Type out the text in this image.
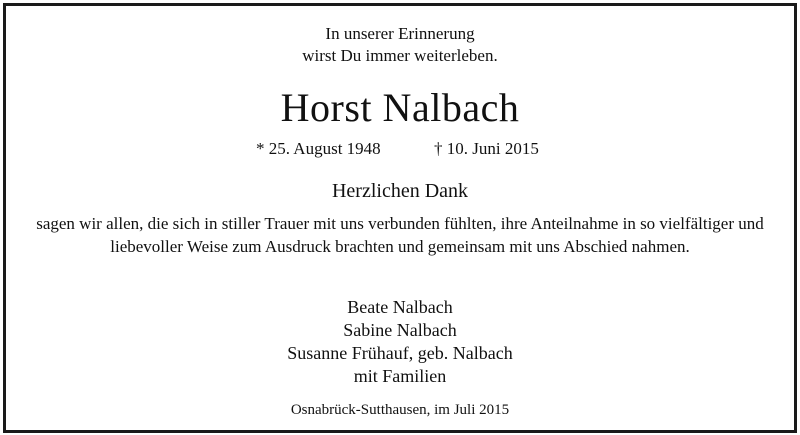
In unserer Erinnerung
wirst Du immer weiterleben.
Horst Nalbach
* 25. August 1948	† 10. Juni 2015
Herzlichen Dank
sagen wir allen, die sich in stiller Trauer mit uns verbunden fühlten, ihre Anteilnahme in so vielfältiger und liebevoller Weise zum Ausdruck brachten und gemeinsam mit uns Abschied nahmen.
Beate Nalbach
Sabine Nalbach
Susanne Frühauf, geb. Nalbach
mit Familien
Osnabrück-Sutthausen, im Juli 2015
